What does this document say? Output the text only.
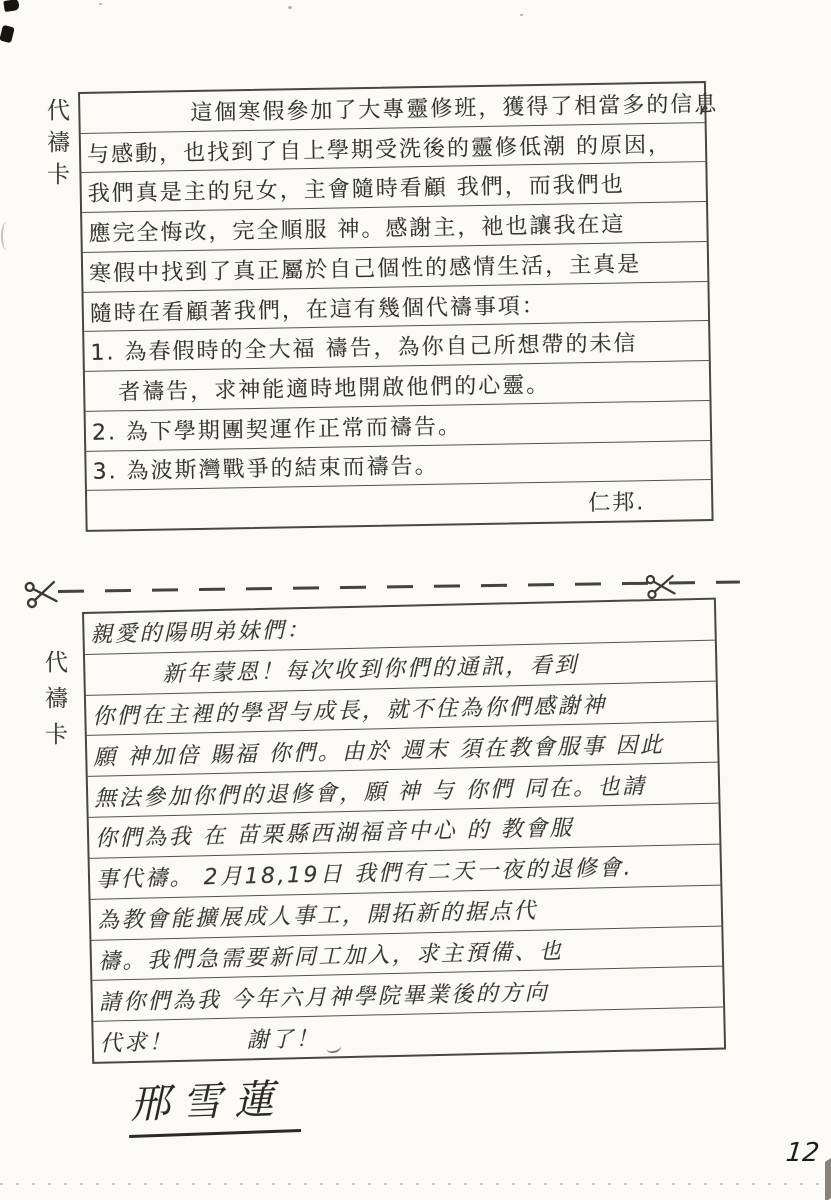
代禱卡	這個寒假參加了大專靈修班，獲得了相當多的信息
与感動，也找到了自上學期受洗後的靈修低潮 的原因，
我們真是主的兒女，主會隨時看顧 我們，而我們也
應完全悔改，完全順服 神。感謝主，祂也讓我在這
寒假中找到了真正屬於自己個性的感情生活，主真是
隨時在看顧著我們，在這有幾個代禱事項：
1. 為春假時的全大福 禱告，為你自己所想帶的未信
者禱告，求神能適時地開啟他們的心靈。
2. 為下學期團契運作正常而禱告。
3. 為波斯灣戰爭的結束而禱告。
仁邦.
代禱卡
親愛的陽明弟妹們：
新年蒙恩！每次收到你們的通訊，看到
你們在主裡的學習与成長，就不住為你們感謝神
願 神加倍 賜福 你們。由於 週末 須在教會服事 因此
無法參加你們的退修會，願 神 与 你們 同在。也請
你們為我 在 苗栗縣西湖福音中心 的 教會服
事代禱。 2月18,19日 我們有二天一夜的退修會.
為教會能擴展成人事工，開拓新的据点代
禱。我們急需要新同工加入，求主預備、也
請你們為我 今年六月神學院畢業後的方向
代求！　　　謝了！
邢雪蓮
12
